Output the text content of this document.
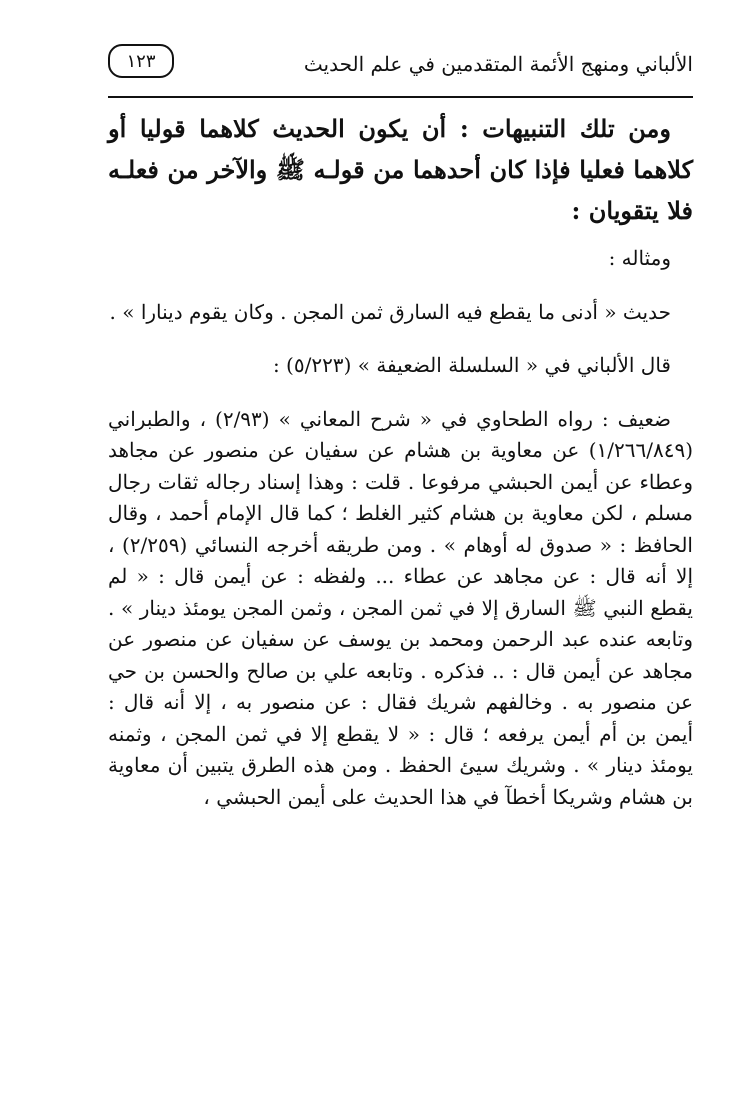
الألباني ومنهج الأئمة المتقدمين في علم الحديث
١٢٣

ومن تلك التنبيهات : أن يكون الحديث كلاهما قوليا أو كلاهما فعليا فإذا كان أحدهما من قولـه ﷺ والآخر من فعلـه فلا يتقويان :

ومثاله :

حديث « أدنى ما يقطع فيه السارق ثمن المجن . وكان يقوم دينارا » .

قال الألباني في « السلسلة الضعيفة » (٥/٢٢٣) :

ضعيف : رواه الطحاوي في « شرح المعاني » (٢/٩٣) ، والطبراني (١/٢٦٦/٨٤٩) عن معاوية بن هشام عن سفيان عن منصور عن مجاهد وعطاء عن أيمن الحبشي مرفوعا . قلت : وهذا إسناد رجاله ثقات رجال مسلم ، لكن معاوية بن هشام كثير الغلط ؛ كما قال الإمام أحمد ، وقال الحافظ : « صدوق له أوهام » . ومن طريقه أخرجه النسائي (٢/٢٥٩) ، إلا أنه قال : عن مجاهد عن عطاء ... ولفظه : عن أيمن قال : « لم يقطع النبي ﷺ السارق إلا في ثمن المجن ، وثمن المجن يومئذ دينار » . وتابعه عنده عبد الرحمن ومحمد بن يوسف عن سفيان عن منصور عن مجاهد عن أيمن قال : .. فذكره . وتابعه علي بن صالح والحسن بن حي عن منصور به . وخالفهم شريك فقال : عن منصور به ، إلا أنه قال : أيمن بن أم أيمن يرفعه ؛ قال : « لا يقطع إلا في ثمن المجن ، وثمنه يومئذ دينار » . وشريك سيئ الحفظ . ومن هذه الطرق يتبين أن معاوية بن هشام وشريكا أخطآ في هذا الحديث على أيمن الحبشي ،
